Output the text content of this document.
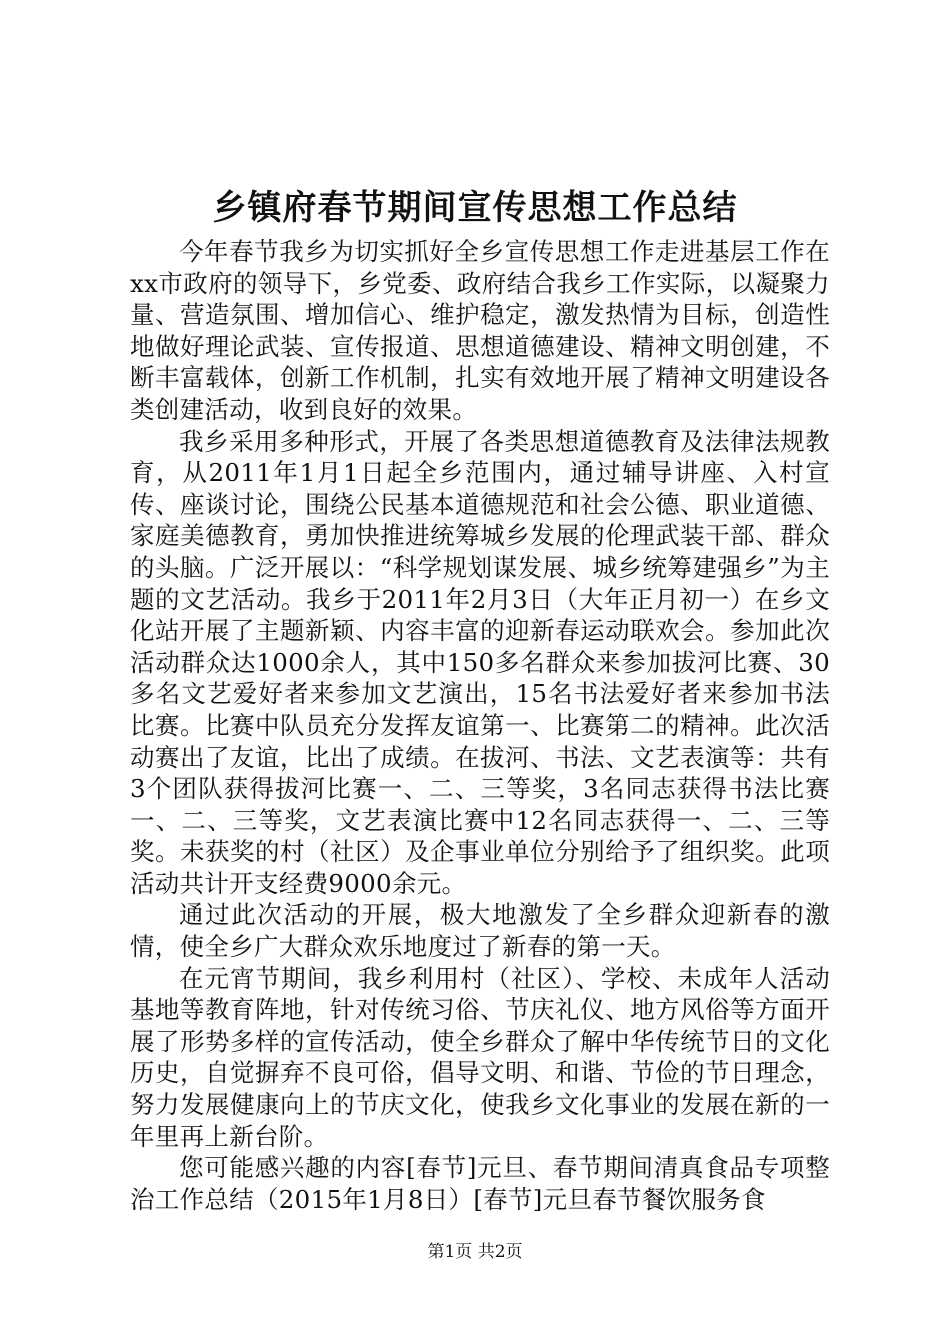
乡镇府春节期间宣传思想工作总结

今年春节我乡为切实抓好全乡宣传思想工作走进基层工作在xx市政府的领导下，乡党委、政府结合我乡工作实际，以凝聚力量、营造氛围、增加信心、维护稳定，激发热情为目标，创造性地做好理论武装、宣传报道、思想道德建设、精神文明创建，不断丰富载体，创新工作机制，扎实有效地开展了精神文明建设各类创建活动，收到良好的效果。

我乡采用多种形式，开展了各类思想道德教育及法律法规教育，从2011年1月1日起全乡范围内，通过辅导讲座、入村宣传、座谈讨论，围绕公民基本道德规范和社会公德、职业道德、家庭美德教育，勇加快推进统筹城乡发展的伦理武装干部、群众的头脑。广泛开展以：“科学规划谋发展、城乡统筹建强乡”为主题的文艺活动。我乡于2011年2月3日（大年正月初一）在乡文化站开展了主题新颖、内容丰富的迎新春运动联欢会。参加此次活动群众达1000余人，其中150多名群众来参加拔河比赛、30多名文艺爱好者来参加文艺演出，15名书法爱好者来参加书法比赛。比赛中队员充分发挥友谊第一、比赛第二的精神。此次活动赛出了友谊，比出了成绩。在拔河、书法、文艺表演等：共有3个团队获得拔河比赛一、二、三等奖，3名同志获得书法比赛一、二、三等奖，文艺表演比赛中12名同志获得一、二、三等奖。未获奖的村（社区）及企事业单位分别给予了组织奖。此项活动共计开支经费9000余元。

通过此次活动的开展，极大地激发了全乡群众迎新春的激情，使全乡广大群众欢乐地度过了新春的第一天。

在元宵节期间，我乡利用村（社区）、学校、未成年人活动基地等教育阵地，针对传统习俗、节庆礼仪、地方风俗等方面开展了形势多样的宣传活动，使全乡群众了解中华传统节日的文化历史，自觉摒弃不良可俗，倡导文明、和谐、节俭的节日理念，努力发展健康向上的节庆文化，使我乡文化事业的发展在新的一年里再上新台阶。

您可能感兴趣的内容[春节]元旦、春节期间清真食品专项整治工作总结（2015年1月8日）[春节]元旦春节餐饮服务食

第1页 共2页
